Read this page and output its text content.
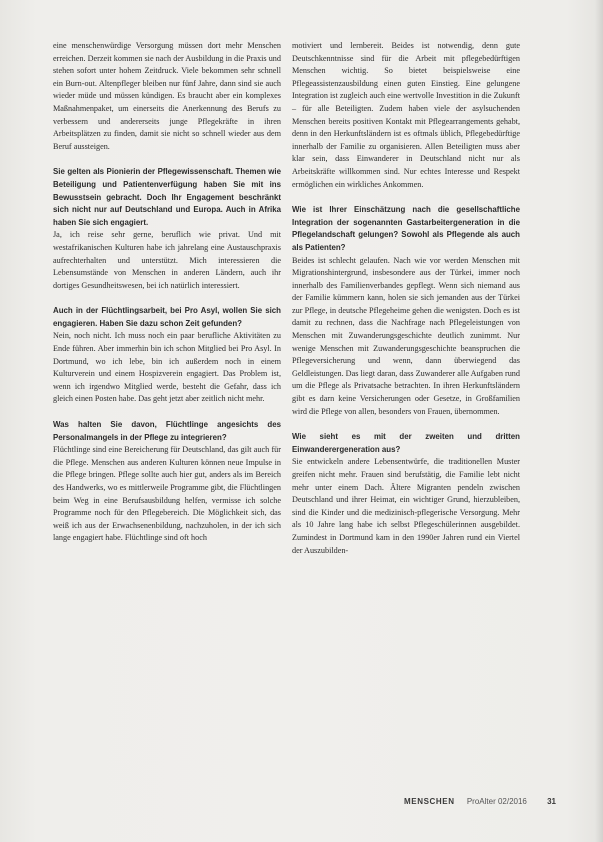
eine menschenwürdige Versorgung müssen dort mehr Menschen erreichen. Derzeit kommen sie nach der Ausbildung in die Praxis und stehen sofort unter hohem Zeitdruck. Viele bekommen sehr schnell ein Burn-out. Altenpfleger bleiben nur fünf Jahre, dann sind sie auch wieder müde und müssen kündigen. Es braucht aber ein komplexes Maßnahmenpaket, um einerseits die Anerkennung des Berufs zu verbessern und andererseits junge Pflegekräfte in ihren Arbeitsplätzen zu finden, damit sie nicht so schnell wieder aus dem Beruf aussteigen.

Sie gelten als Pionierin der Pflegewissenschaft. Themen wie Beteiligung und Patientenverfügung haben Sie mit ins Bewusstsein gebracht. Doch Ihr Engagement beschränkt sich nicht nur auf Deutschland und Europa. Auch in Afrika haben Sie sich engagiert.

Ja, ich reise sehr gerne, beruflich wie privat. Und mit westafrikanischen Kulturen habe ich jahrelang eine Austauschpraxis aufrechterhalten und unterstützt. Mich interessieren die Lebensumstände von Menschen in anderen Ländern, auch ihr dortiges Gesundheitswesen, bei ich natürlich interessiert.

Auch in der Flüchtlingsarbeit, bei Pro Asyl, wollen Sie sich engagieren. Haben Sie dazu schon Zeit gefunden?

Nein, noch nicht. Ich muss noch ein paar berufliche Aktivitäten zu Ende führen. Aber immerhin bin ich schon Mitglied bei Pro Asyl. In Dortmund, wo ich lebe, bin ich außerdem noch in einem Kulturverein und einem Hospizverein engagiert. Das Problem ist, wenn ich irgendwo Mitglied werde, besteht die Gefahr, dass ich gleich einen Posten habe. Das geht jetzt aber zeitlich nicht mehr.

Was halten Sie davon, Flüchtlinge angesichts des Personalmangels in der Pflege zu integrieren?

Flüchtlinge sind eine Bereicherung für Deutschland, das gilt auch für die Pflege. Menschen aus anderen Kulturen können neue Impulse in die Pflege bringen. Pflege sollte auch hier gut, anders als im Bereich des Handwerks, wo es mittlerweile Programme gibt, die Flüchtlingen beim Weg in eine Berufsausbildung helfen, vermisse ich solche Programme noch für den Pflegebereich. Die Möglichkeit sich, das weiß ich aus der Erwachsenenbildung, nachzuholen, in der ich sich lange engagiert habe. Flüchtlinge sind oft hoch

motiviert und lernbereit. Beides ist notwendig, denn gute Deutschkenntnisse sind für die Arbeit mit pflegebedürftigen Menschen wichtig. So bietet beispielsweise eine Pflegeassistenzausbildung einen guten Einstieg. Eine gelungene Integration ist zugleich auch eine wertvolle Investition in die Zukunft – für alle Beteiligten. Zudem haben viele der asylsuchenden Menschen bereits positiven Kontakt mit Pflegearrangements gehabt, denn in den Herkunftsländern ist es oftmals üblich, Pflegebedürftige innerhalb der Familie zu organisieren. Allen Beteiligten muss aber klar sein, dass Einwanderer in Deutschland nicht nur als Arbeitskräfte willkommen sind. Nur echtes Interesse und Respekt ermöglichen ein wirkliches Ankommen.

Wie ist Ihrer Einschätzung nach die gesellschaftliche Integration der sogenannten Gastarbeitergeneration in die Pflegelandschaft gelungen? Sowohl als Pflegende als auch als Patienten?

Beides ist schlecht gelaufen. Nach wie vor werden Menschen mit Migrationshintergrund, insbesondere aus der Türkei, immer noch innerhalb des Familienverbandes gepflegt. Wenn sich niemand aus der Familie kümmern kann, holen sie sich jemanden aus der Türkei zur Pflege, in deutsche Pflegeheime gehen die wenigsten. Doch es ist damit zu rechnen, dass die Nachfrage nach Pflegeleistungen von Menschen mit Zuwanderungsgeschichte deutlich zunimmt. Nur wenige Menschen mit Zuwanderungsgeschichte beanspruchen die Pflegeversicherung und wenn, dann überwiegend das Geldleistungen. Das liegt daran, dass Zuwanderer alle Aufgaben rund um die Pflege als Privatsache betrachten. In ihren Herkunftsländern gibt es darn keine Versicherungen oder Gesetze, in Großfamilien wird die Pflege von allen, besonders von Frauen, übernommen.

Wie sieht es mit der zweiten und dritten Einwanderergeneration aus?

Sie entwickeln andere Lebensentwürfe, die traditionellen Muster greifen nicht mehr. Frauen sind berufstätig, die Familie lebt nicht mehr unter einem Dach. Ältere Migranten pendeln zwischen Deutschland und ihrer Heimat, ein wichtiger Grund, hierzubleiben, sind die Kinder und die medizinisch-pflegerische Versorgung. Mehr als 10 Jahre lang habe ich selbst Pflegeschülerinnen ausgebildet. Zumindest in Dortmund kam in den 1990er Jahren rund ein Viertel der Auszubilden-

MENSCHEN ProAlter 02/2016	31
